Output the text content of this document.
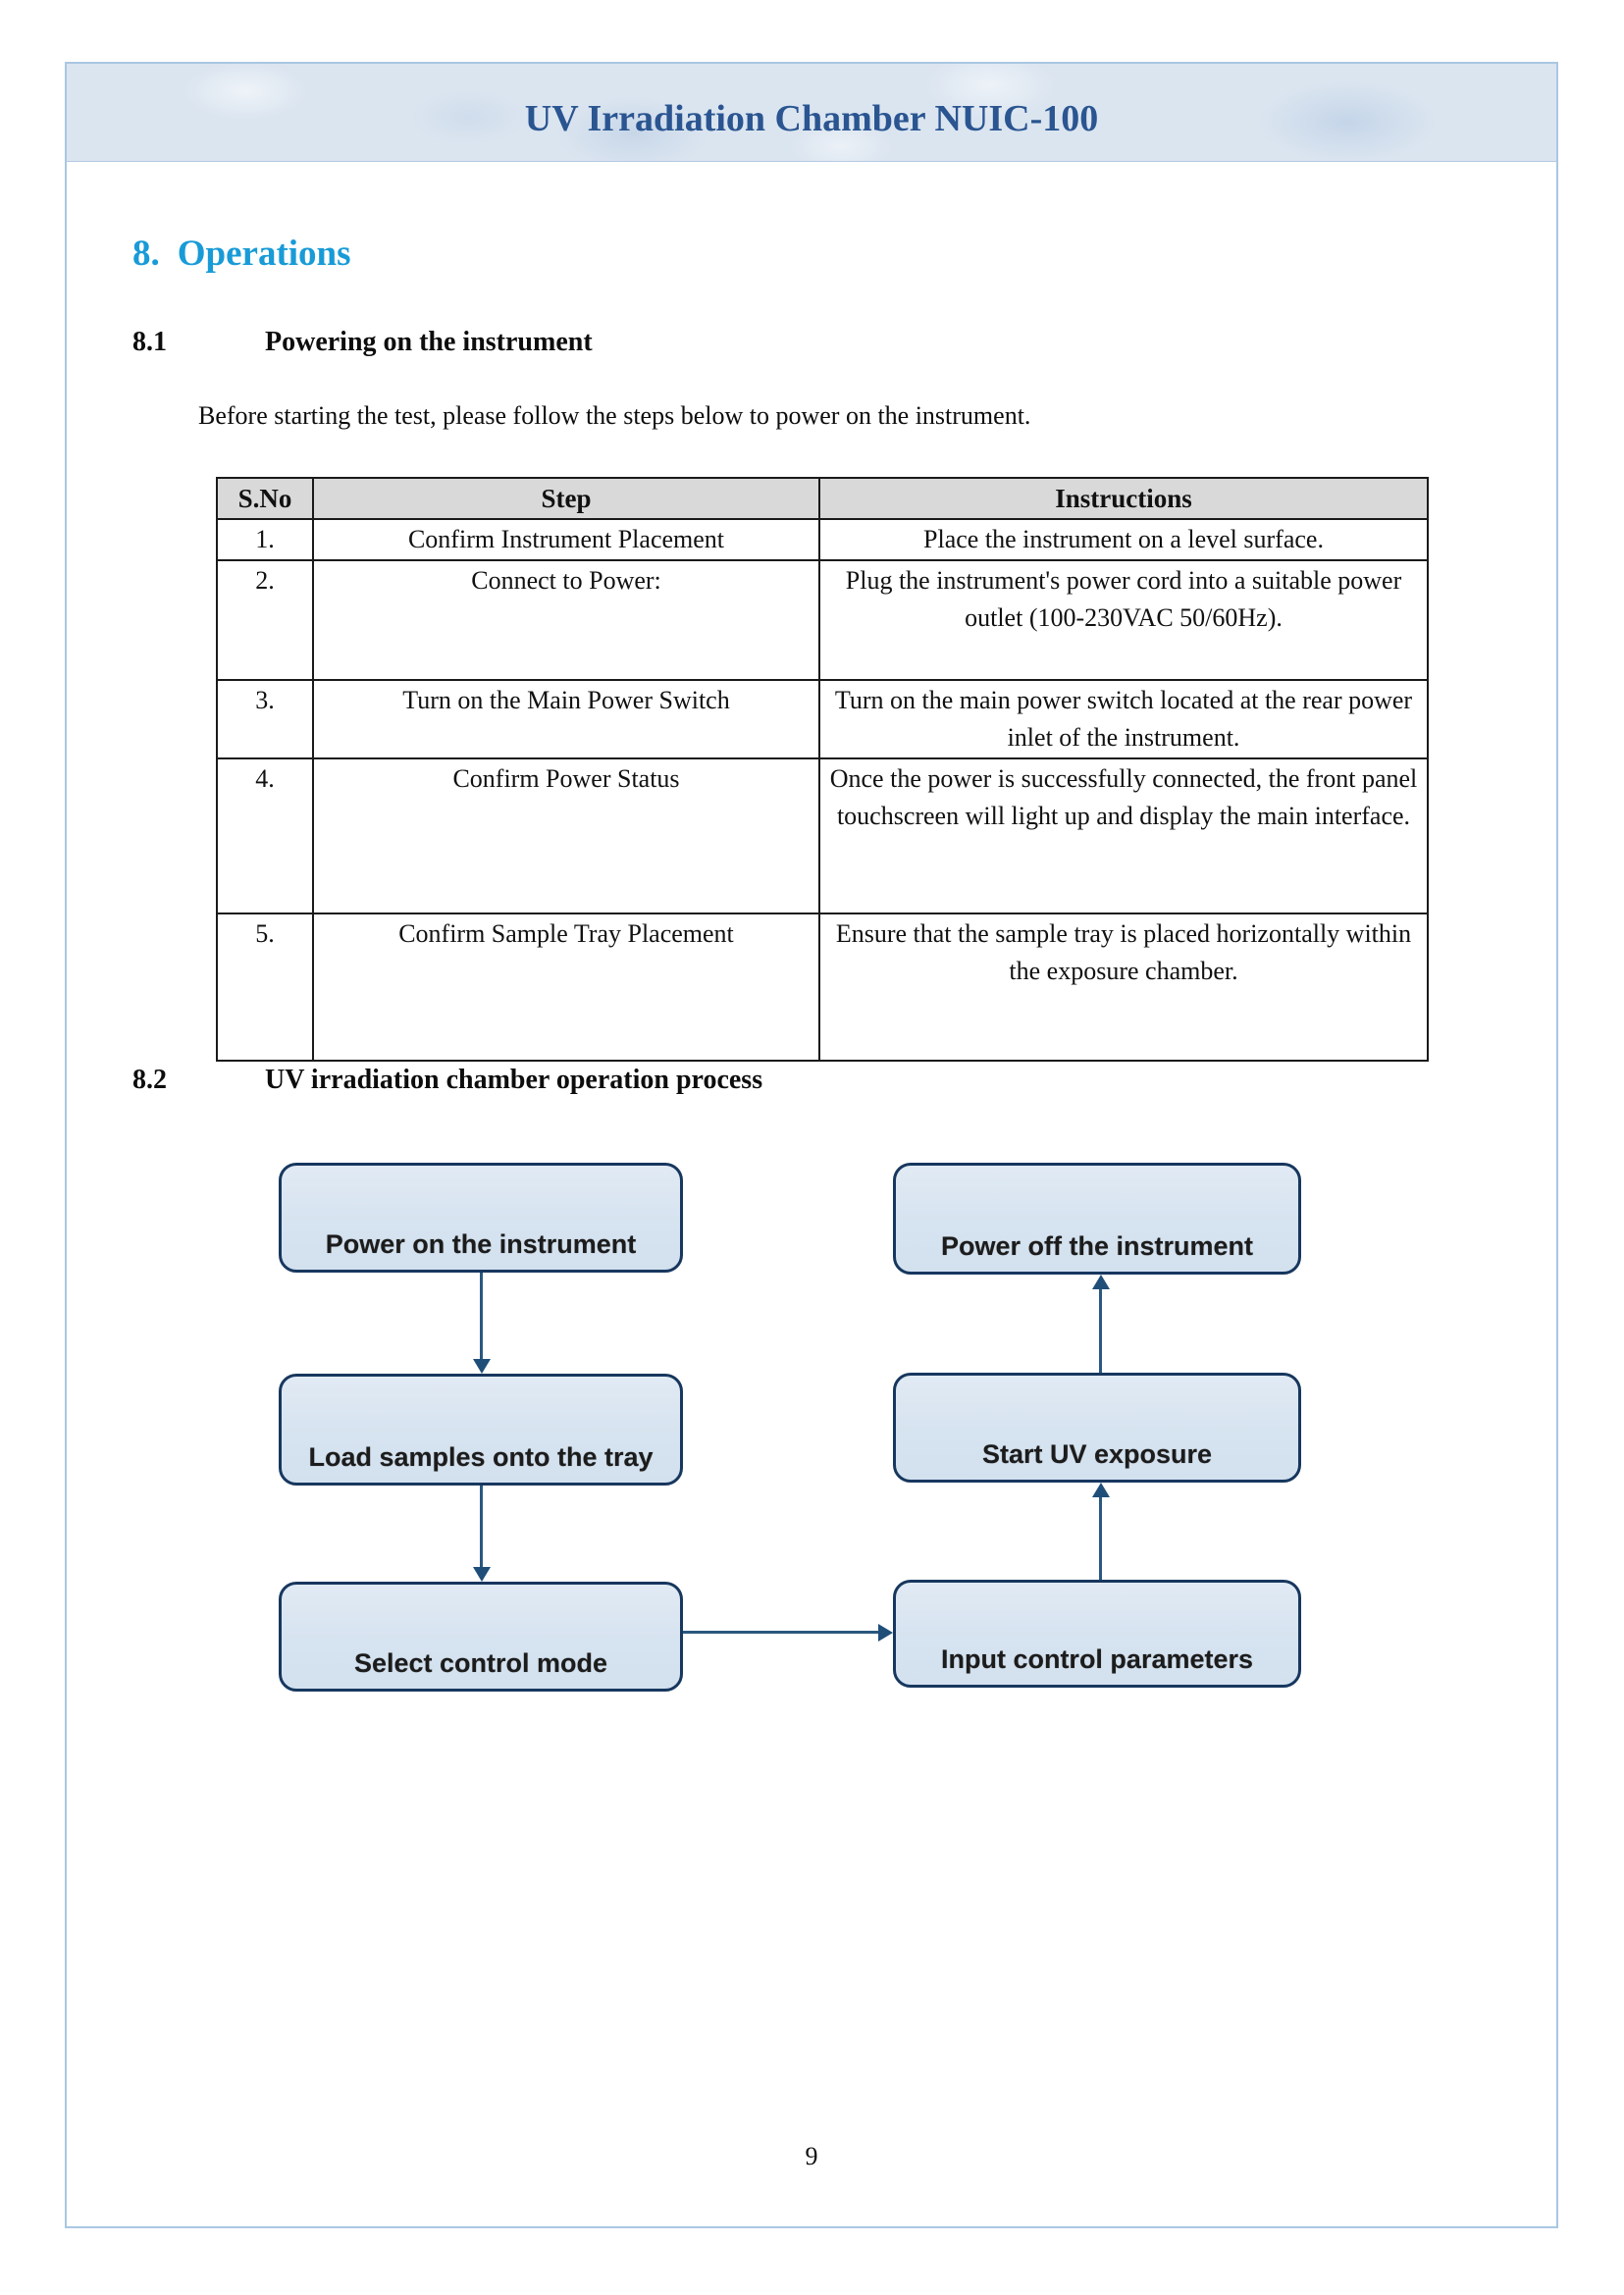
UV Irradiation Chamber NUIC-100
8. Operations
8.1	Powering on the instrument
Before starting the test, please follow the steps below to power on the instrument.
S.No	Step	Instructions
1.	Confirm Instrument Placement	Place the instrument on a level surface.
2.	Connect to Power:	Plug the instrument's power cord into a suitable power outlet (100-230VAC 50/60Hz).
3.	Turn on the Main Power Switch	Turn on the main power switch located at the rear power inlet of the instrument.
4.	Confirm Power Status	Once the power is successfully connected, the front panel touchscreen will light up and display the main interface.
5.	Confirm Sample Tray Placement	Ensure that the sample tray is placed horizontally within the exposure chamber.
8.2	UV irradiation chamber operation process
Power on the instrument
Load samples onto the tray
Select control mode
Power off the instrument
Start UV exposure
Input control parameters
9
